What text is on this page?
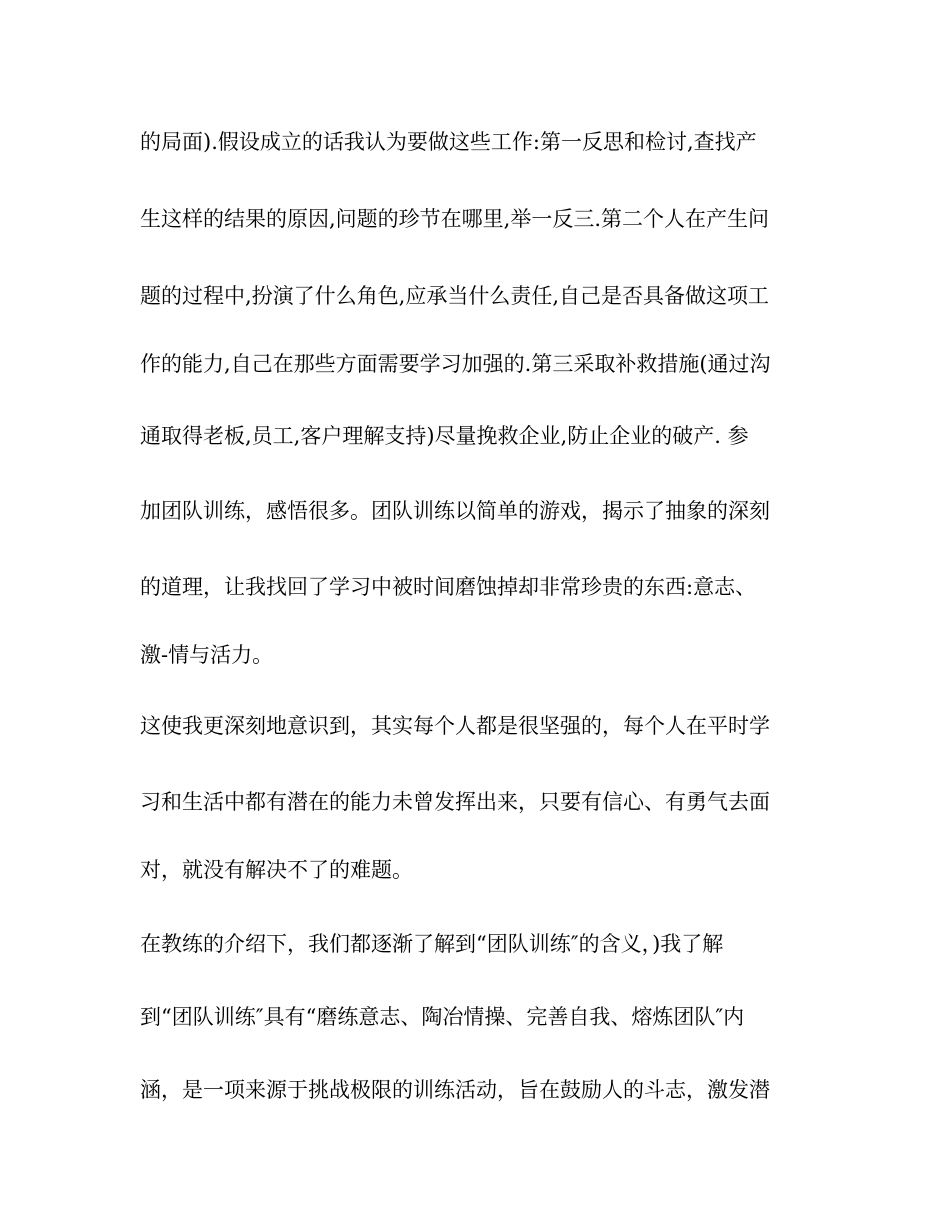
的局面).假设成立的话我认为要做这些工作:第一反思和检讨,查找产
生这样的结果的原因,问题的珍节在哪里,举一反三.第二个人在产生问
题的过程中,扮演了什么角色,应承当什么责任,自己是否具备做这项工
作的能力,自己在那些方面需要学习加强的.第三采取补救措施(通过沟
通取得老板,员工,客户理解支持)尽量挽救企业,防止企业的破产. 参
加团队训练，感悟很多。团队训练以简单的游戏，揭示了抽象的深刻
的道理，让我找回了学习中被时间磨蚀掉却非常珍贵的东西:意志、
激-情与活力。
这使我更深刻地意识到，其实每个人都是很坚强的，每个人在平时学
习和生活中都有潜在的能力未曾发挥出来，只要有信心、有勇气去面
对，就没有解决不了的难题。
在教练的介绍下，我们都逐渐了解到“团队训练″的含义，)我了解
到“团队训练″具有“磨练意志、陶冶情操、完善自我、熔炼团队″内
涵，是一项来源于挑战极限的训练活动，旨在鼓励人的斗志，激发潜
